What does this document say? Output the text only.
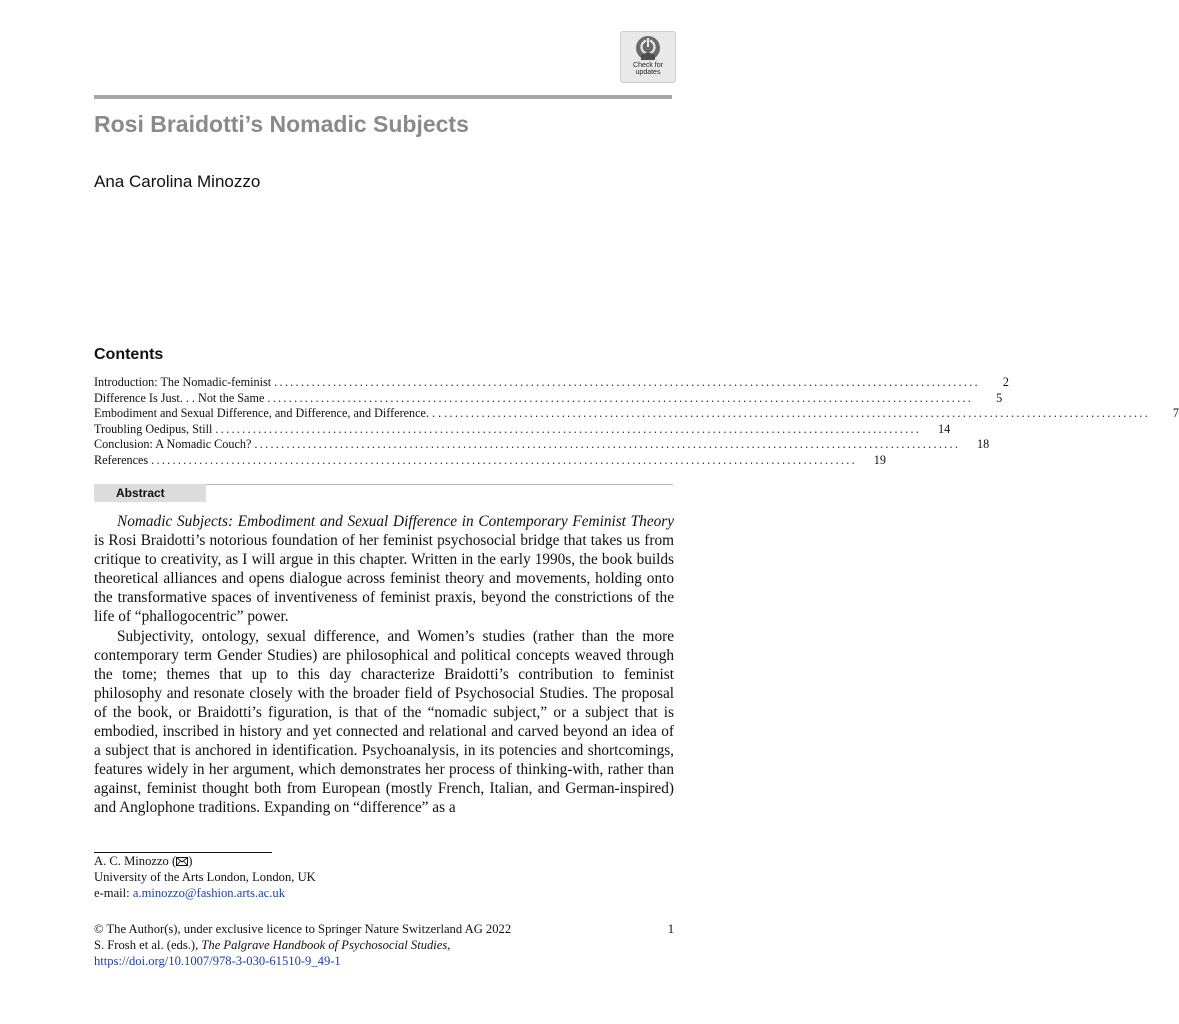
Check for
updates
Rosi Braidotti’s Nomadic Subjects
Ana Carolina Minozzo
Contents
Introduction: The Nomadic-feminist ....................................................................................................................................	2
Difference Is Just. . . Not the Same ....................................................................................................................................	5
Embodiment and Sexual Difference, and Difference, and Difference. . . ....................................................................................................................................	7
Troubling Oedipus, Still ....................................................................................................................................	14
Conclusion: A Nomadic Couch? ....................................................................................................................................	18
References ....................................................................................................................................	19
Abstract

Nomadic Subjects: Embodiment and Sexual Difference in Contemporary Feminist Theory is Rosi Braidotti’s notorious foundation of her feminist psychosocial bridge that takes us from critique to creativity, as I will argue in this chapter. Written in the early 1990s, the book builds theoretical alliances and opens dialogue across feminist theory and movements, holding onto the transformative spaces of inventiveness of feminist praxis, beyond the constrictions of the life of “phallogocentric” power.

Subjectivity, ontology, sexual difference, and Women’s studies (rather than the more contemporary term Gender Studies) are philosophical and political concepts weaved through the tome; themes that up to this day characterize Braidotti’s contribution to feminist philosophy and resonate closely with the broader field of Psychosocial Studies. The proposal of the book, or Braidotti’s figuration, is that of the “nomadic subject,” or a subject that is embodied, inscribed in history and yet connected and relational and carved beyond an idea of a subject that is anchored in identification. Psychoanalysis, in its potencies and shortcomings, features widely in her argument, which demonstrates her process of thinking-with, rather than against, feminist thought both from European (mostly French, Italian, and German-inspired) and Anglophone traditions. Expanding on “difference” as a

A. C. Minozzo ( )
University of the Arts London, London, UK
e-mail: a.minozzo@fashion.arts.ac.uk
© The Author(s), under exclusive licence to Springer Nature Switzerland AG 2022
S. Frosh et al. (eds.), The Palgrave Handbook of Psychosocial Studies,
https://doi.org/10.1007/978-3-030-61510-9_49-1
1
